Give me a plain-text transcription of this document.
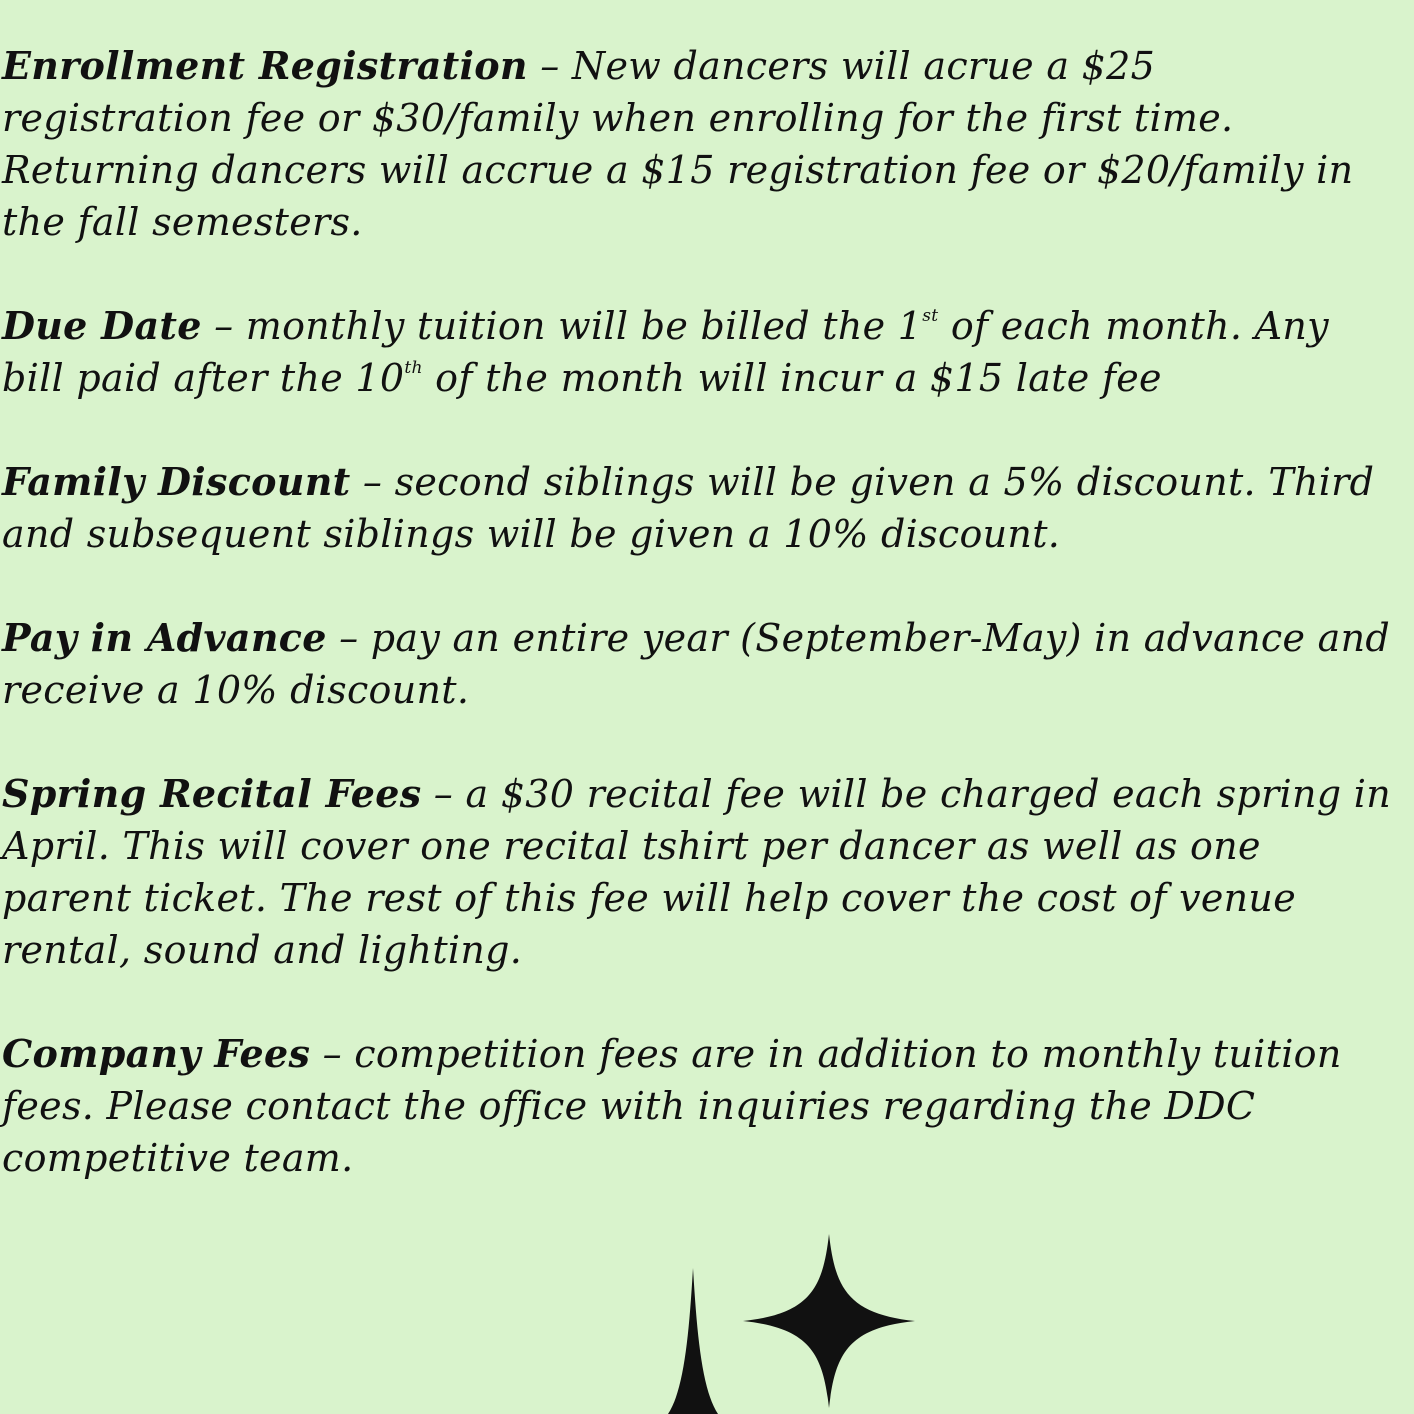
Enrollment Registration – New dancers will acrue a $25 registration fee or $30/family when enrolling for the first time. Returning dancers will accrue a $15 registration fee or $20/family in the fall semesters.

Due Date – monthly tuition will be billed the 1st of each month. Any bill paid after the 10th of the month will incur a $15 late fee

Family Discount – second siblings will be given a 5% discount. Third and subsequent siblings will be given a 10% discount.

Pay in Advance – pay an entire year (September-May) in advance and receive a 10% discount.

Spring Recital Fees – a $30 recital fee will be charged each spring in April. This will cover one recital tshirt per dancer as well as one parent ticket. The rest of this fee will help cover the cost of venue rental, sound and lighting.

Company Fees – competition fees are in addition to monthly tuition fees. Please contact the office with inquiries regarding the DDC competitive team.
